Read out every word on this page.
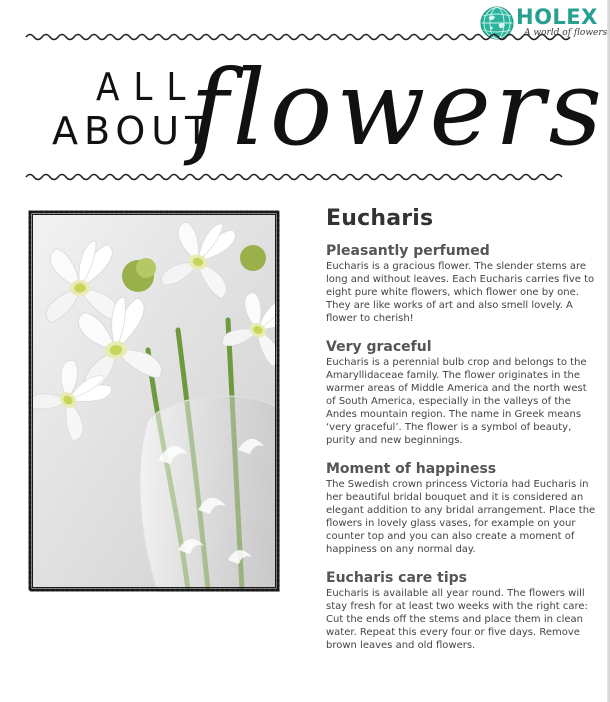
HOLEX
A world of flowers
ALL
ABOUT
flowers
Eucharis
Pleasantly perfumed

Eucharis is a gracious flower. The slender stems are long and without leaves. Each Eucharis carries five to eight pure white flowers, which flower one by one. They are like works of art and also smell lovely. A flower to cherish!

Very graceful

Eucharis is a perennial bulb crop and belongs to the Amaryllidaceae family. The flower originates in the warmer areas of Middle America and the north west of South America, especially in the valleys of the Andes mountain region. The name in Greek means ‘very graceful’. The flower is a symbol of beauty, purity and new beginnings.

Moment of happiness

The Swedish crown princess Victoria had Eucharis in her beautiful bridal bouquet and it is considered an elegant addition to any bridal arrangement. Place the flowers in lovely glass vases, for example on your counter top and you can also create a moment of happiness on any normal day.

Eucharis care tips

Eucharis is available all year round. The flowers will stay fresh for at least two weeks with the right care: Cut the ends off the stems and place them in clean water. Repeat this every four or five days. Remove brown leaves and old flowers.
